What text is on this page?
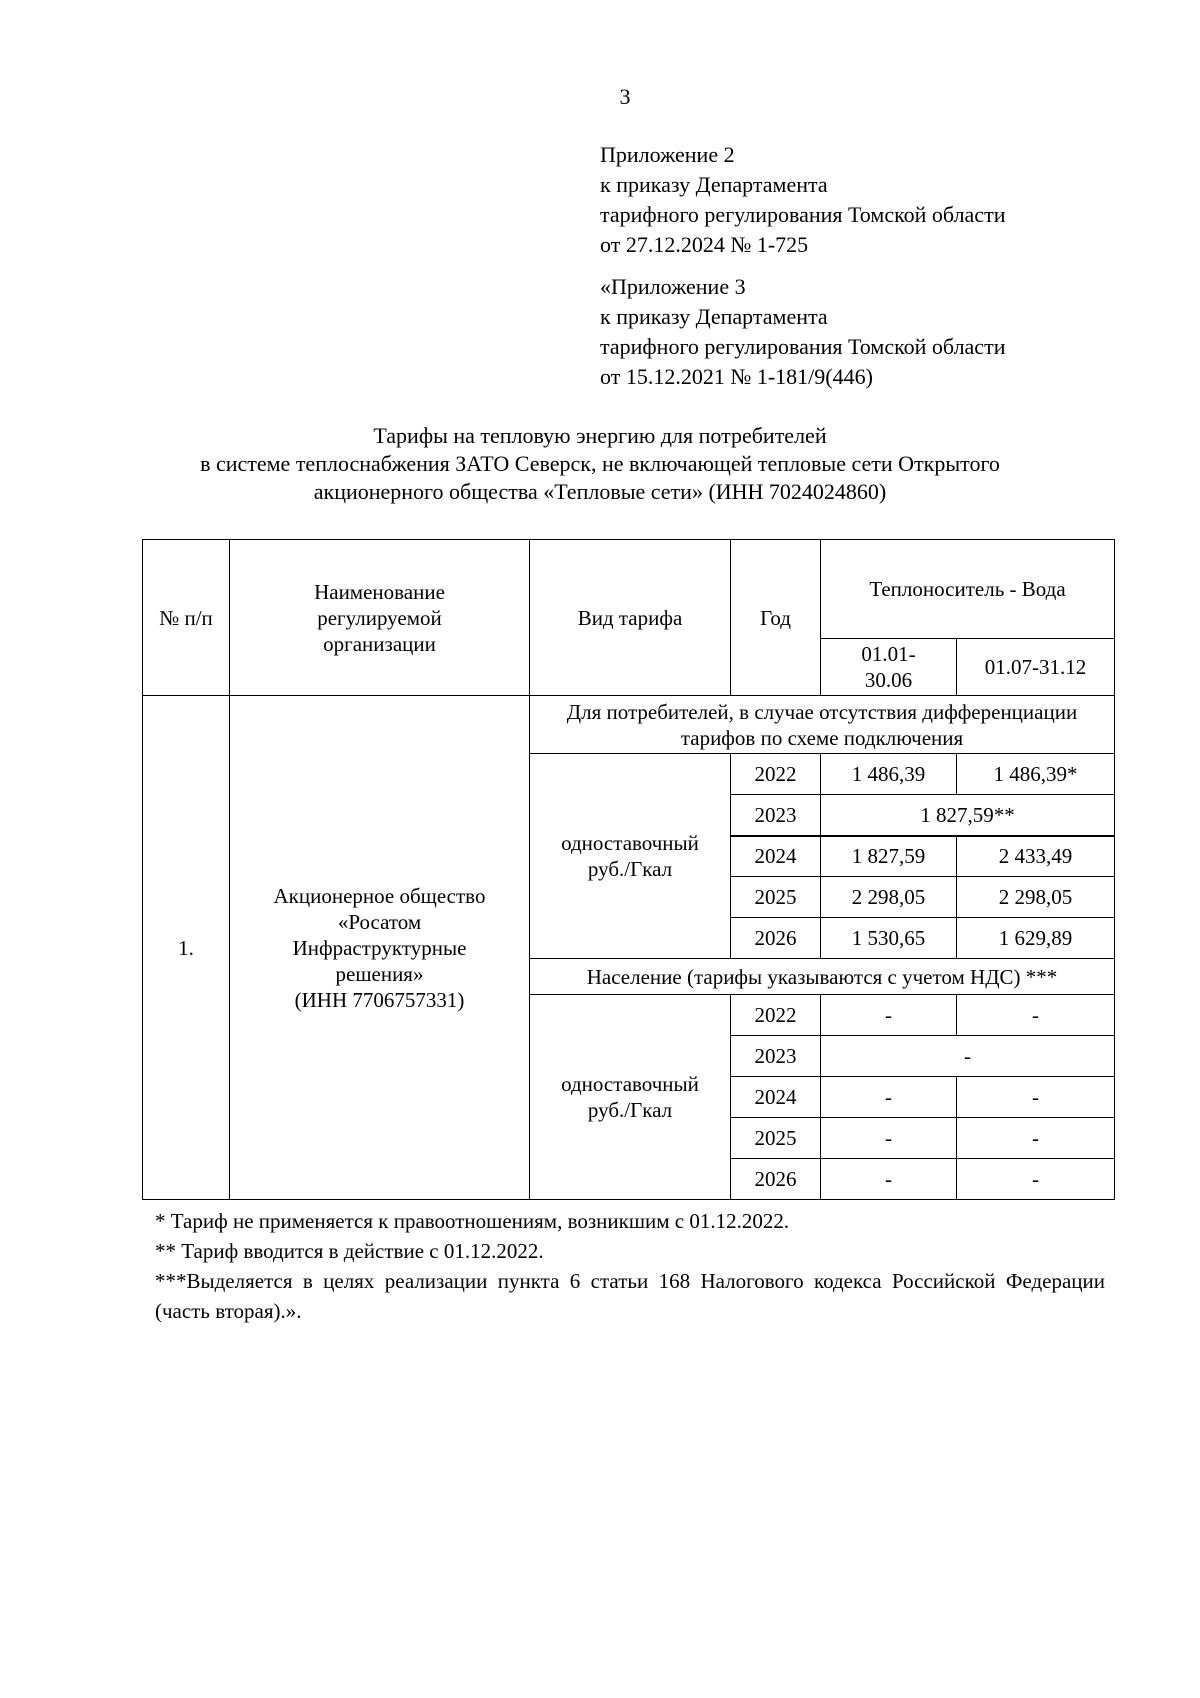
3
Приложение 2
к приказу Департамента
тарифного регулирования Томской области
от 27.12.2024 № 1-725
«Приложение 3
к приказу Департамента
тарифного регулирования Томской области
от 15.12.2021 № 1-181/9(446)
Тарифы на тепловую энергию для потребителей
в системе теплоснабжения ЗАТО Северск, не включающей тепловые сети Открытого
акционерного общества «Тепловые сети» (ИНН 7024024860)
№ п/п	Наименование регулируемой организации	Вид тарифа	Год	Теплоноситель - Вода	
				01.01-30.06	01.07-31.12
1.	Акционерное общество
«Росатом
Инфраструктурные
решения»
(ИНН 7706757331)	Для потребителей, в случае отсутствия дифференциации тарифов по схеме подключения			
		одноставочный руб./Гкал	2022	1 486,39	1 486,39*
			2023	1 827,59**	
			2024	1 827,59	2 433,49
			2025	2 298,05	2 298,05
			2026	1 530,65	1 629,89
		Население (тарифы указываются с учетом НДС) ***			
		одноставочный руб./Гкал	2022	-	-
			2023	-	
			2024	-	-
			2025	-	-
			2026	-	-

* Тариф не применяется к правоотношениям, возникшим с 01.12.2022.

** Тариф вводится в действие с 01.12.2022.

***Выделяется в целях реализации пункта 6 статьи 168 Налогового кодекса Российской Федерации (часть вторая).».
